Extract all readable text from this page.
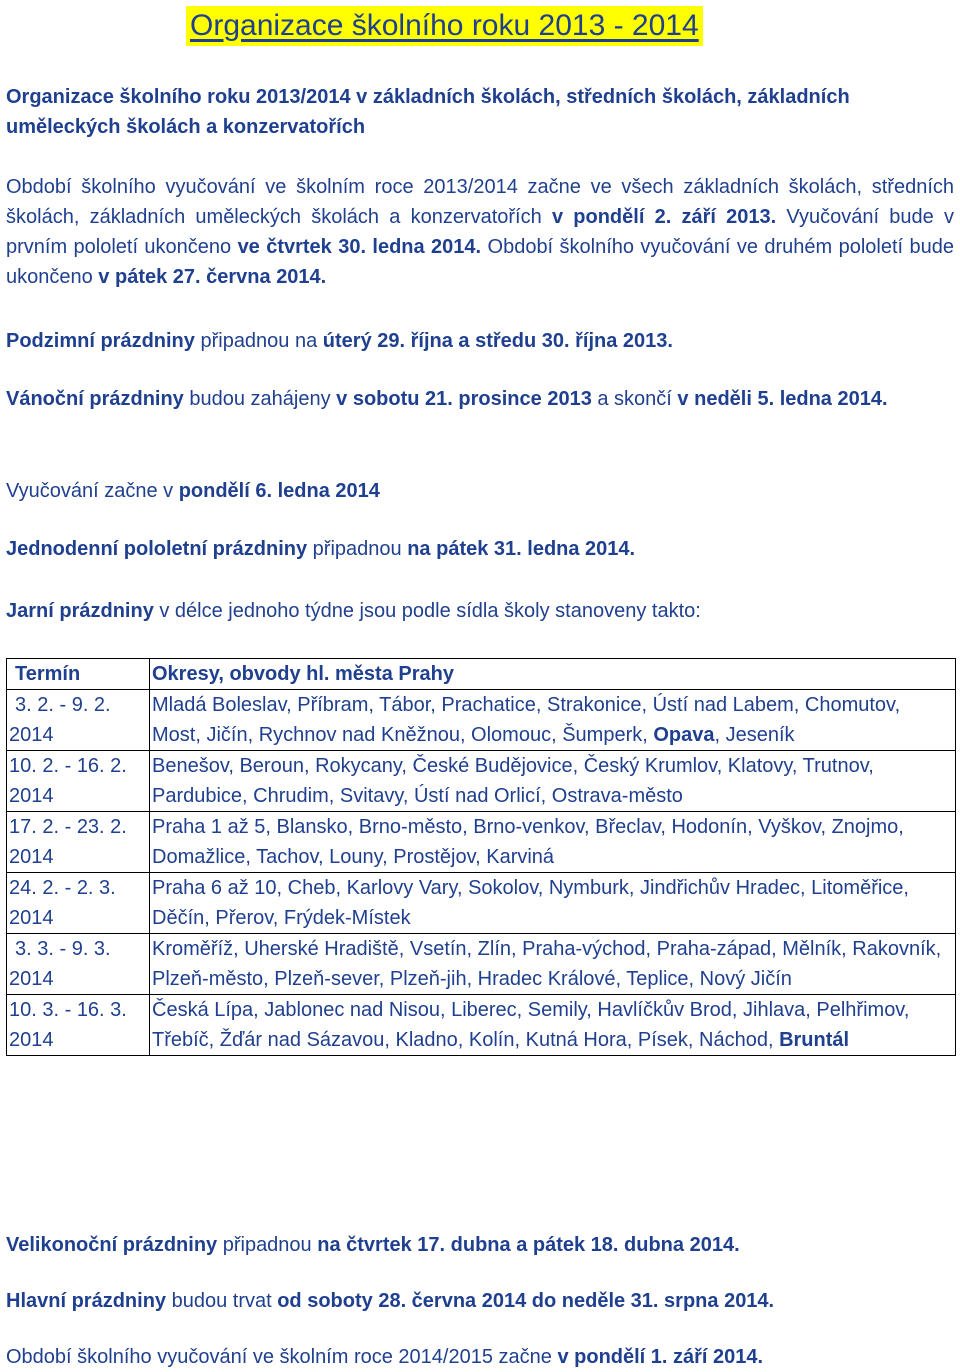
Organizace školního roku 2013 - 2014
Organizace školního roku 2013/2014 v základních školách, středních školách, základních uměleckých školách a konzervatořích
Období školního vyučování ve školním roce 2013/2014 začne ve všech základních školách, středních školách, základních uměleckých školách a konzervatořích v pondělí 2. září 2013. Vyučování bude v prvním pololetí ukončeno ve čtvrtek 30. ledna 2014. Období školního vyučování ve druhém pololetí bude ukončeno v pátek 27. června 2014.
Podzimní prázdniny připadnou na úterý 29. října a středu 30. října 2013.
Vánoční prázdniny budou zahájeny v sobotu 21. prosince 2013 a skončí v neděli 5. ledna 2014.
Vyučování začne v pondělí 6. ledna 2014
Jednodenní pololetní prázdniny připadnou na pátek 31. ledna 2014.
Jarní prázdniny v délce jednoho týdne jsou podle sídla školy stanoveny takto:
Termín	Okresy, obvody hl. města Prahy

3. 2. - 9. 2.
2014	Mladá Boleslav, Příbram, Tábor, Prachatice, Strakonice, Ústí nad Labem, Chomutov, Most, Jičín, Rychnov nad Kněžnou, Olomouc, Šumperk, Opava, Jeseník

10. 2. - 16. 2.
2014	Benešov, Beroun, Rokycany, České Budějovice, Český Krumlov, Klatovy, Trutnov, Pardubice, Chrudim, Svitavy, Ústí nad Orlicí, Ostrava-město

17. 2. - 23. 2.
2014	Praha 1 až 5, Blansko, Brno-město, Brno-venkov, Břeclav, Hodonín, Vyškov, Znojmo, Domažlice, Tachov, Louny, Prostějov, Karviná

24. 2. - 2. 3.
2014	Praha 6 až 10, Cheb, Karlovy Vary, Sokolov, Nymburk, Jindřichův Hradec, Litoměřice, Děčín, Přerov, Frýdek-Místek

3. 3. - 9. 3.
2014	Kroměříž, Uherské Hradiště, Vsetín, Zlín, Praha-východ, Praha-západ, Mělník, Rakovník, Plzeň-město, Plzeň-sever, Plzeň-jih, Hradec Králové, Teplice, Nový Jičín

10. 3. - 16. 3.
2014	Česká Lípa, Jablonec nad Nisou, Liberec, Semily, Havlíčkův Brod, Jihlava, Pelhřimov, Třebíč, Žďár nad Sázavou, Kladno, Kolín, Kutná Hora, Písek, Náchod, Bruntál
Velikonoční prázdniny připadnou na čtvrtek 17. dubna a pátek 18. dubna 2014.
Hlavní prázdniny budou trvat od soboty 28. června 2014 do neděle 31. srpna 2014.
Období školního vyučování ve školním roce 2014/2015 začne v pondělí 1. září 2014.
